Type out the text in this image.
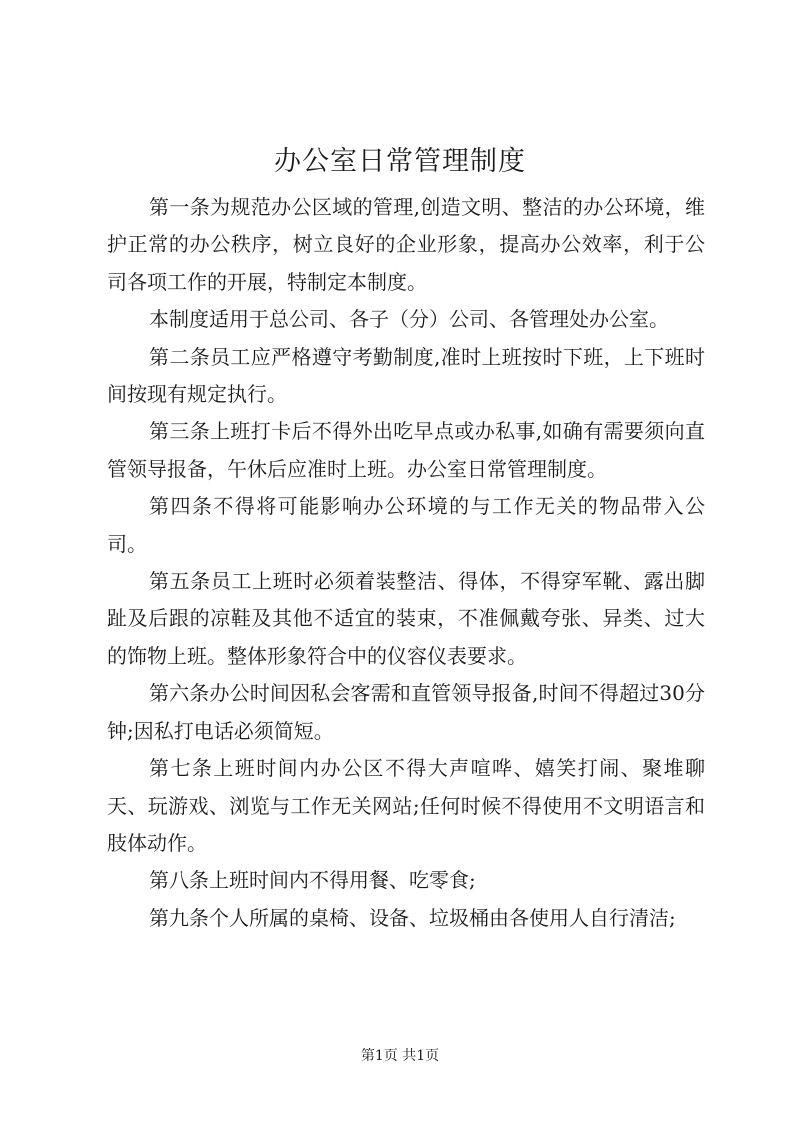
办公室日常管理制度

第一条为规范办公区域的管理,创造文明、整洁的办公环境，维护正常的办公秩序，树立良好的企业形象，提高办公效率，利于公司各项工作的开展，特制定本制度。

本制度适用于总公司、各子（分）公司、各管理处办公室。

第二条员工应严格遵守考勤制度,准时上班按时下班，上下班时间按现有规定执行。

第三条上班打卡后不得外出吃早点或办私事,如确有需要须向直管领导报备，午休后应准时上班。办公室日常管理制度。

第四条不得将可能影响办公环境的与工作无关的物品带入公司。

第五条员工上班时必须着装整洁、得体，不得穿军靴、露出脚趾及后跟的凉鞋及其他不适宜的装束，不准佩戴夸张、异类、过大的饰物上班。整体形象符合中的仪容仪表要求。

第六条办公时间因私会客需和直管领导报备,时间不得超过30分钟;因私打电话必须简短。

第七条上班时间内办公区不得大声喧哗、嬉笑打闹、聚堆聊天、玩游戏、浏览与工作无关网站;任何时候不得使用不文明语言和肢体动作。

第八条上班时间内不得用餐、吃零食;

第九条个人所属的桌椅、设备、垃圾桶由各使用人自行清洁;

第1页 共1页
